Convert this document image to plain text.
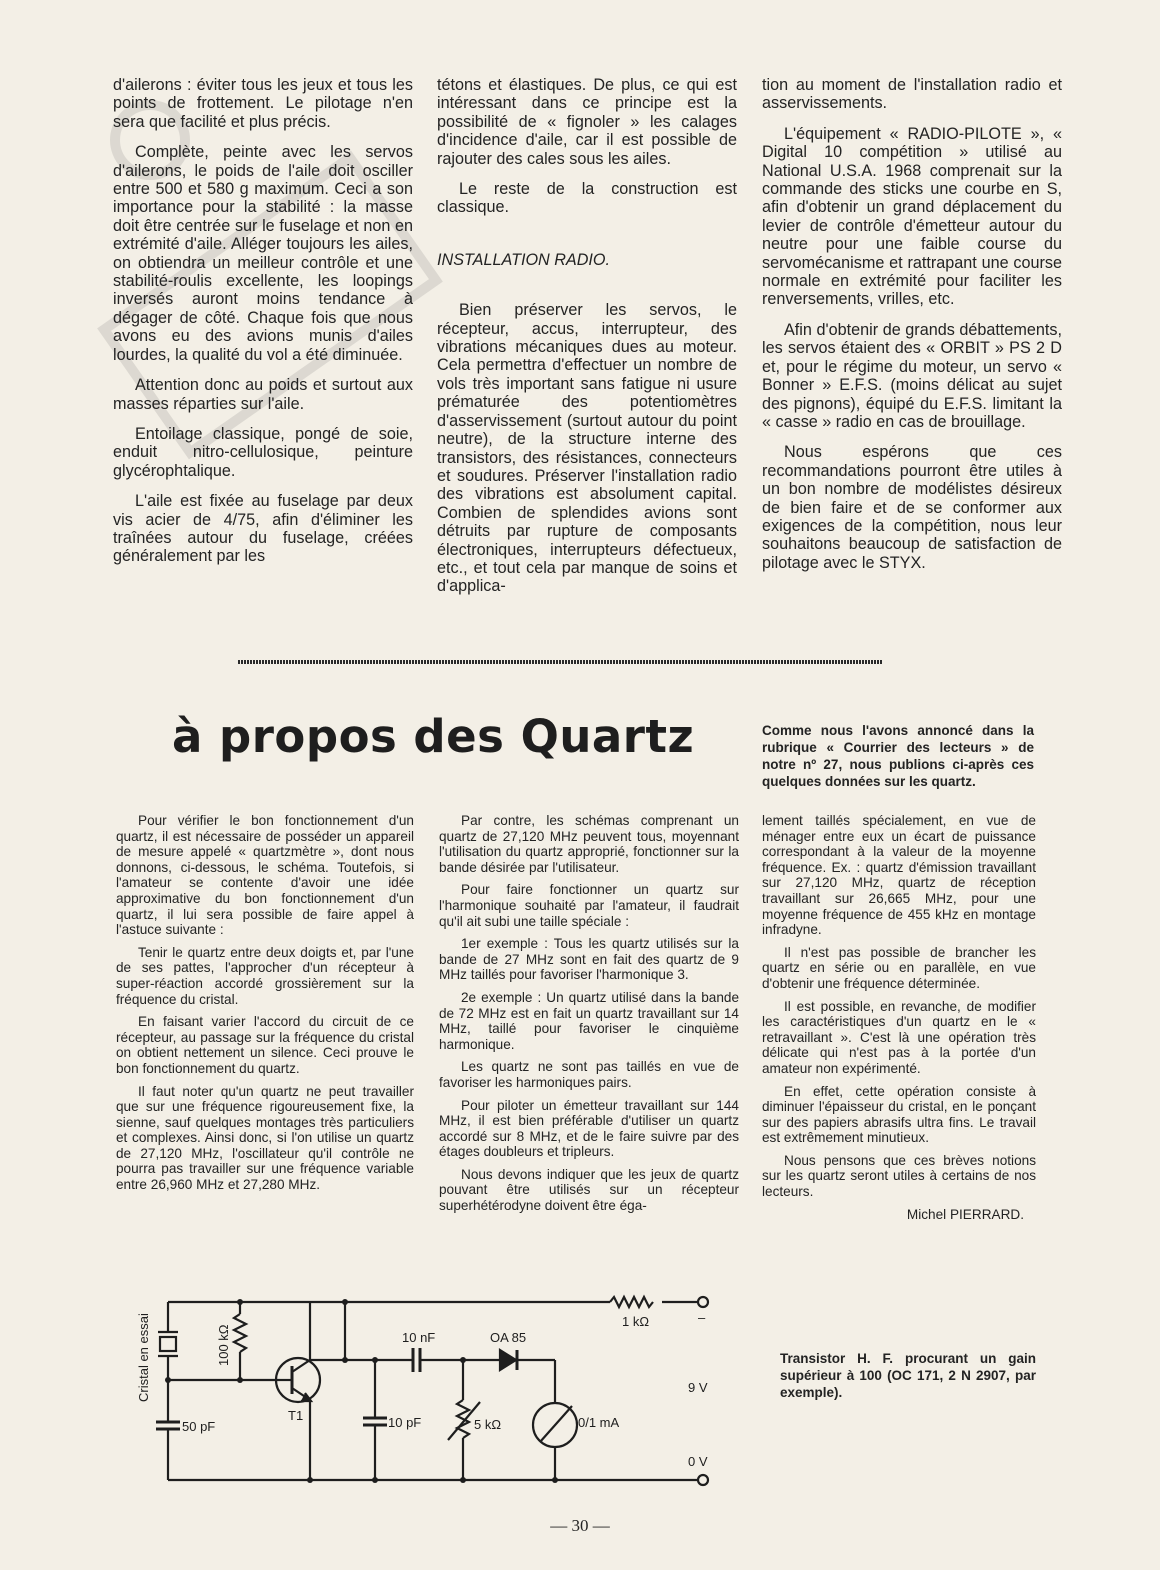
d'ailerons : éviter tous les jeux et tous les points de frottement. Le pilotage n'en sera que facilité et plus précis.

Complète, peinte avec les servos d'ailerons, le poids de l'aile doit osciller entre 500 et 580 g maximum. Ceci a son importance pour la stabilité : la masse doit être centrée sur le fuselage et non en extrémité d'aile. Alléger toujours les ailes, on obtiendra un meilleur contrôle et une stabilité-roulis excellente, les loopings inversés auront moins tendance à dégager de côté. Chaque fois que nous avons eu des avions munis d'ailes lourdes, la qualité du vol a été diminuée.

Attention donc au poids et surtout aux masses réparties sur l'aile.

Entoilage classique, pongé de soie, enduit nitro-cellulosique, peinture glycérophtalique.

L'aile est fixée au fuselage par deux vis acier de 4/75, afin d'éliminer les traînées autour du fuselage, créées généralement par les

tétons et élastiques. De plus, ce qui est intéressant dans ce principe est la possibilité de « fignoler » les calages d'incidence d'aile, car il est possible de rajouter des cales sous les ailes.

Le reste de la construction est classique.

INSTALLATION RADIO.

Bien préserver les servos, le récepteur, accus, interrupteur, des vibrations mécaniques dues au moteur. Cela permettra d'effectuer un nombre de vols très important sans fatigue ni usure prématurée des potentiomètres d'asservissement (surtout autour du point neutre), de la structure interne des transistors, des résistances, connecteurs et soudures. Préserver l'installation radio des vibrations est absolument capital. Combien de splendides avions sont détruits par rupture de composants électroniques, interrupteurs défectueux, etc., et tout cela par manque de soins et d'applica-

tion au moment de l'installation radio et asservissements.

L'équipement « RADIO-PILOTE », « Digital 10 compétition » utilisé au National U.S.A. 1968 comprenait sur la commande des sticks une courbe en S, afin d'obtenir un grand déplacement du levier de contrôle d'émetteur autour du neutre pour une faible course du servomécanisme et rattrapant une course normale en extrémité pour faciliter les renversements, vrilles, etc.

Afin d'obtenir de grands débattements, les servos étaient des « ORBIT » PS 2 D et, pour le régime du moteur, un servo « Bonner » E.F.S. (moins délicat au sujet des pignons), équipé du E.F.S. limitant la « casse » radio en cas de brouillage.

Nous espérons que ces recommandations pourront être utiles à un bon nombre de modélistes désireux de bien faire et de se conformer aux exigences de la compétition, nous leur souhaitons beaucoup de satisfaction de pilotage avec le STYX.

à propos des Quartz	Comme nous l'avons annoncé dans la rubrique « Courrier des lecteurs » de notre nº 27, nous publions ci-après ces quelques données sur les quartz.

Pour vérifier le bon fonctionnement d'un quartz, il est nécessaire de posséder un appareil de mesure appelé « quartzmètre », dont nous donnons, ci-dessous, le schéma. Toutefois, si l'amateur se contente d'avoir une idée approximative du bon fonctionnement d'un quartz, il lui sera possible de faire appel à l'astuce suivante :

Tenir le quartz entre deux doigts et, par l'une de ses pattes, l'approcher d'un récepteur à super-réaction accordé grossièrement sur la fréquence du cristal.

En faisant varier l'accord du circuit de ce récepteur, au passage sur la fréquence du cristal on obtient nettement un silence. Ceci prouve le bon fonctionnement du quartz.

Il faut noter qu'un quartz ne peut travailler que sur une fréquence rigoureusement fixe, la sienne, sauf quelques montages très particuliers et complexes. Ainsi donc, si l'on utilise un quartz de 27,120 MHz, l'oscillateur qu'il contrôle ne pourra pas travailler sur une fréquence variable entre 26,960 MHz et 27,280 MHz.

Par contre, les schémas comprenant un quartz de 27,120 MHz peuvent tous, moyennant l'utilisation du quartz approprié, fonctionner sur la bande désirée par l'utilisateur.

Pour faire fonctionner un quartz sur l'harmonique souhaité par l'amateur, il faudrait qu'il ait subi une taille spéciale :

1er exemple : Tous les quartz utilisés sur la bande de 27 MHz sont en fait des quartz de 9 MHz taillés pour favoriser l'harmonique 3.

2e exemple : Un quartz utilisé dans la bande de 72 MHz est en fait un quartz travaillant sur 14 MHz, taillé pour favoriser le cinquième harmonique.

Les quartz ne sont pas taillés en vue de favoriser les harmoniques pairs.

Pour piloter un émetteur travaillant sur 144 MHz, il est bien préférable d'utiliser un quartz accordé sur 8 MHz, et de le faire suivre par des étages doubleurs et tripleurs.

Nous devons indiquer que les jeux de quartz pouvant être utilisés sur un récepteur superhétérodyne doivent être éga-

lement taillés spécialement, en vue de ménager entre eux un écart de puissance correspondant à la valeur de la moyenne fréquence. Ex. : quartz d'émission travaillant sur 27,120 MHz, quartz de réception travaillant sur 26,665 MHz, pour une moyenne fréquence de 455 kHz en montage infradyne.

Il n'est pas possible de brancher les quartz en série ou en parallèle, en vue d'obtenir une fréquence déterminée.

Il est possible, en revanche, de modifier les caractéristiques d'un quartz en le « retravaillant ». C'est là une opération très délicate qui n'est pas à la portée d'un amateur non expérimenté.

En effet, cette opération consiste à diminuer l'épaisseur du cristal, en le ponçant sur des papiers abrasifs ultra fins. Le travail est extrêmement minutieux.

Nous pensons que ces brèves notions sur les quartz seront utiles à certains de nos lecteurs.

Michel PIERRARD.

Cristal en essai	100 kΩ
T1
10 nF	OA 85
1 kΩ
50 pF	10 pF	5 kΩ	0/1 mA
9 V
0 V
–

Transistor H. F. procurant un gain supérieur à 100 (OC 171, 2 N 2907, par exemple).

— 30 —
